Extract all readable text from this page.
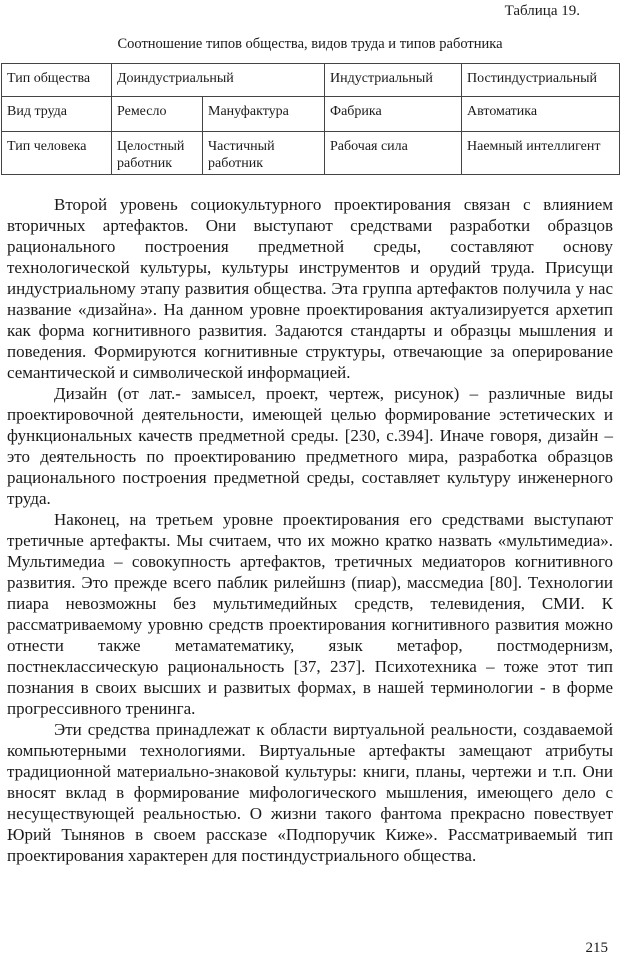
Таблица 19.
Соотношение типов общества, видов труда и типов работника
Тип общества	Доиндустриальный		Индустриальный	Постиндустриальный
Вид труда	Ремесло	Мануфактура	Фабрика	Автоматика
Тип человека	Целостный работник	Частичный работник	Рабочая сила	Наемный интеллигент

Второй уровень социокультурного проектирования связан с влиянием вторичных артефактов. Они выступают средствами разработки образцов рационального построения предметной среды, составляют основу технологической культуры, культуры инструментов и орудий труда. Присущи индустриальному этапу развития общества. Эта группа артефактов получила у нас название «дизайна». На данном уровне проектирования актуализируется архетип как форма когнитивного развития. Задаются стандарты и образцы мышления и поведения. Формируются когнитивные структуры, отвечающие за оперирование семантической и символической информацией.

Дизайн (от лат.- замысел, проект, чертеж, рисунок) – различные виды проектировочной деятельности, имеющей целью формирование эстетических и функциональных качеств предметной среды. [230, с.394]. Иначе говоря, дизайн – это деятельность по проектированию предметного мира, разработка образцов рационального построения предметной среды, составляет культуру инженерного труда.

Наконец, на третьем уровне проектирования его средствами выступают третичные артефакты. Мы считаем, что их можно кратко назвать «мультимедиа». Мультимедиа – совокупность артефактов, третичных медиаторов когнитивного развития. Это прежде всего паблик рилейшнз (пиар), массмедиа [80]. Технологии пиара невозможны без мультимедийных средств, телевидения, СМИ. К рассматриваемому уровню средств проектирования когнитивного развития можно отнести также метаматематику, язык метафор, постмодернизм, постнеклассическую рациональность [37, 237]. Психотехника – тоже этот тип познания в своих высших и развитых формах, в нашей терминологии - в форме прогрессивного тренинга.

Эти средства принадлежат к области виртуальной реальности, создаваемой компьютерными технологиями. Виртуальные артефакты замещают атрибуты традиционной материально-знаковой культуры: книги, планы, чертежи и т.п. Они вносят вклад в формирование мифологического мышления, имеющего дело с несуществующей реальностью. О жизни такого фантома прекрасно повествует Юрий Тынянов в своем рассказе «Подпоручик Киже». Рассматриваемый тип проектирования характерен для постиндустриального общества.

215
